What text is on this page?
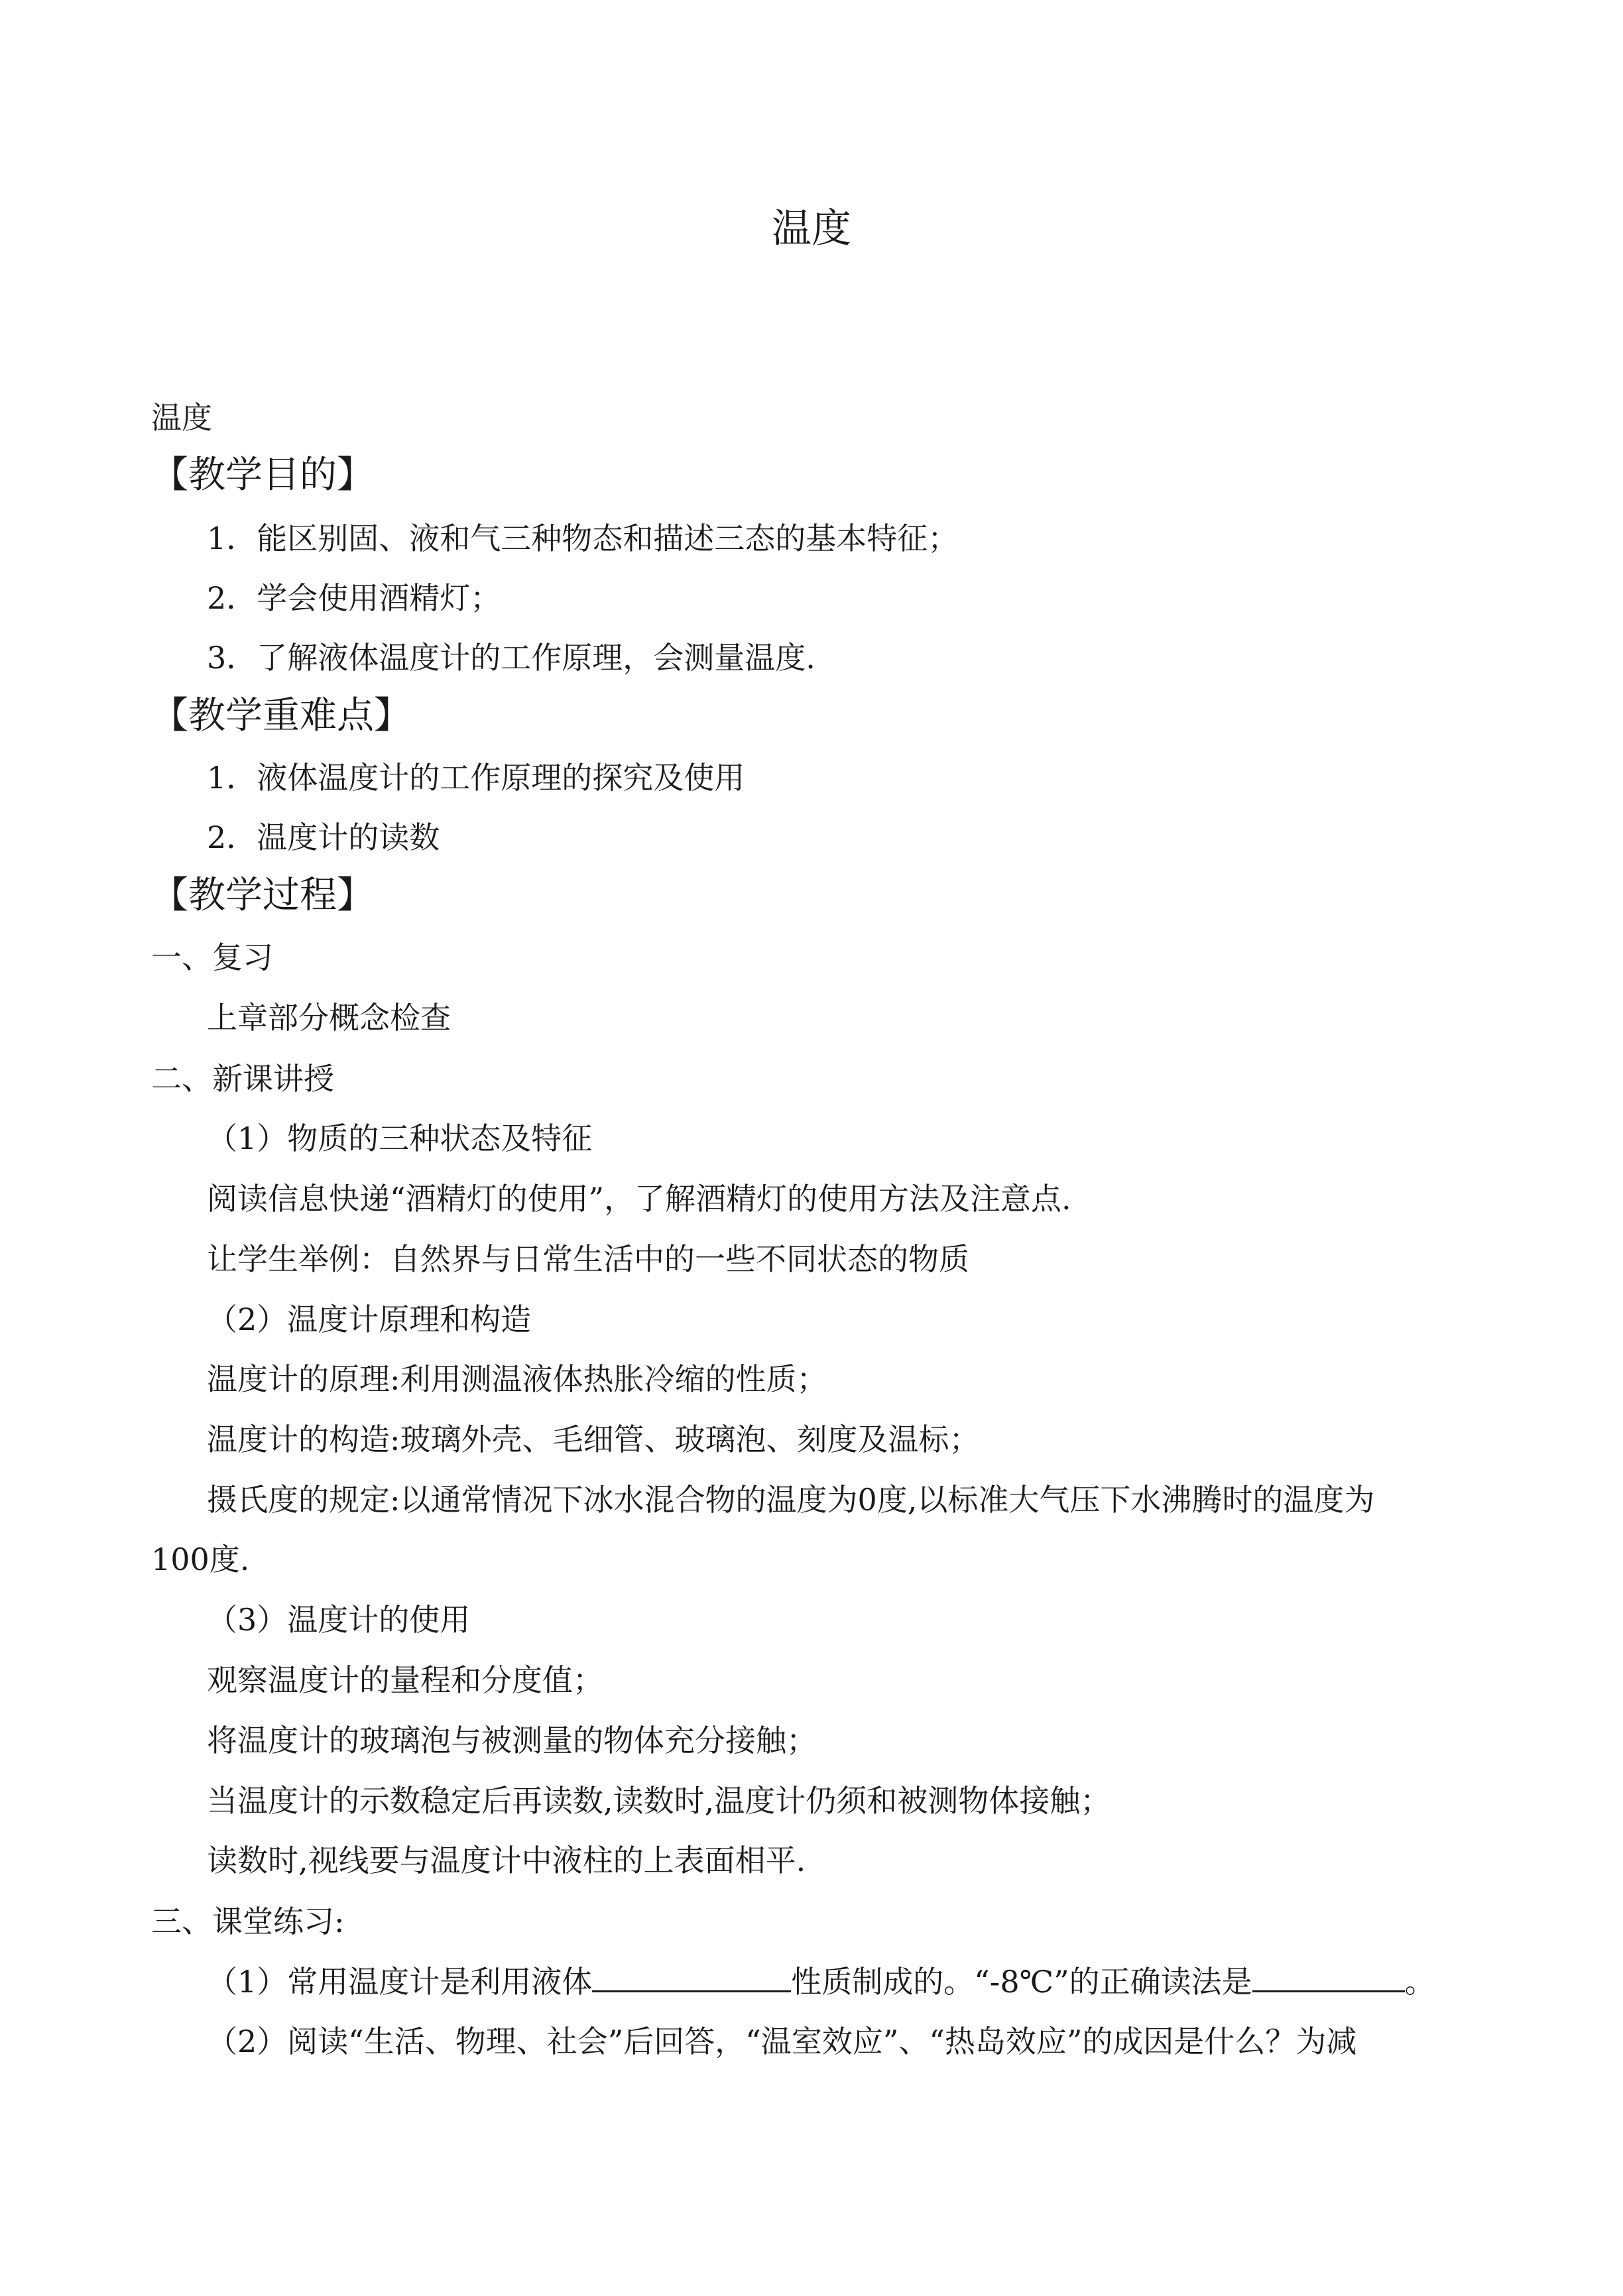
温度
温度
【教学目的】
1．能区别固、液和气三种物态和描述三态的基本特征；
2．学会使用酒精灯；
3．了解液体温度计的工作原理，会测量温度.
【教学重难点】
1．液体温度计的工作原理的探究及使用
2．温度计的读数
【教学过程】
一、复习
上章部分概念检查
二、新课讲授
（1）物质的三种状态及特征
阅读信息快递“酒精灯的使用”，了解酒精灯的使用方法及注意点.
让学生举例：自然界与日常生活中的一些不同状态的物质
（2）温度计原理和构造
温度计的原理:利用测温液体热胀冷缩的性质；
温度计的构造:玻璃外壳、毛细管、玻璃泡、刻度及温标；
摄氏度的规定:以通常情况下冰水混合物的温度为0度,以标准大气压下水沸腾时的温度为
100度.
（3）温度计的使用
观察温度计的量程和分度值；
将温度计的玻璃泡与被测量的物体充分接触；
当温度计的示数稳定后再读数,读数时,温度计仍须和被测物体接触；
读数时,视线要与温度计中液柱的上表面相平.
三、课堂练习:
（1）常用温度计是利用液体	性质制成的。“-8℃”的正确读法是	。
（2）阅读“生活、物理、社会”后回答，“温室效应”、“热岛效应”的成因是什么？为减
